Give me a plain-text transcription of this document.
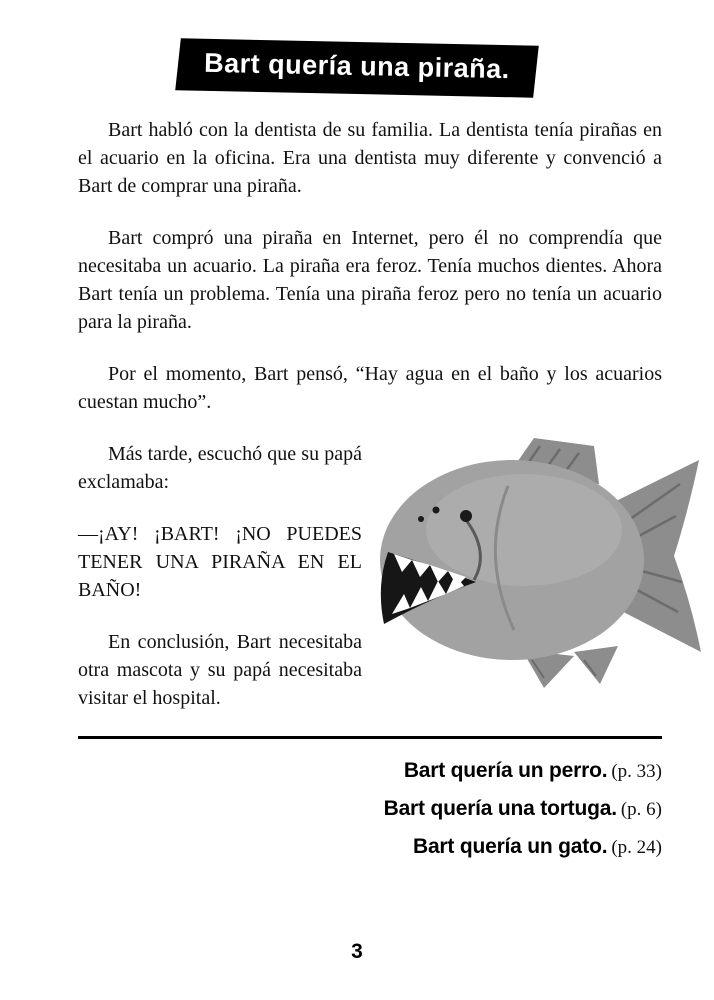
Bart quería una piraña.

Bart habló con la dentista de su familia. La dentista tenía pirañas en el acuario en la oficina. Era una dentista muy diferente y convenció a Bart de comprar una piraña.

Bart compró una piraña en Internet, pero él no comprendía que necesitaba un acuario. La piraña era feroz. Tenía muchos dientes. Ahora Bart tenía un problema. Tenía una piraña feroz pero no tenía un acuario para la piraña.

Por el momento, Bart pensó, “Hay agua en el baño y los acuarios cuestan mucho”.

Más tarde, escuchó que su papá exclamaba:

—¡AY! ¡BART! ¡NO PUEDES TENER UNA PIRAÑA EN EL BAÑO!

En conclusión, Bart necesitaba otra mascota y su papá necesitaba visitar el hospital.

Bart quería un perro. (p. 33)
Bart quería una tortuga. (p. 6)
Bart quería un gato. (p. 24)
3
